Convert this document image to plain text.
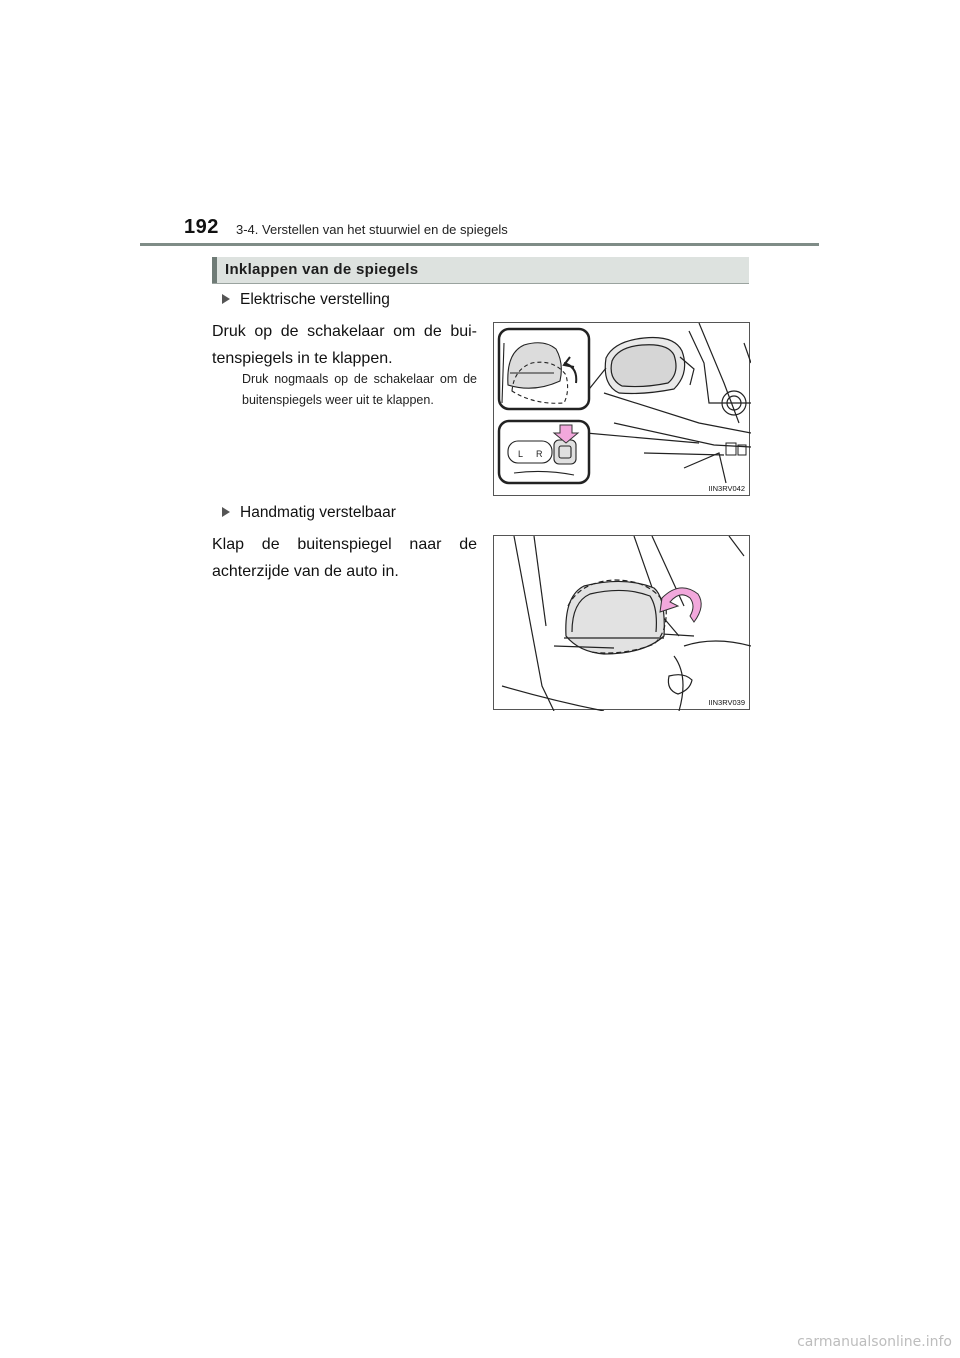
192 3-4. Verstellen van het stuurwiel en de spiegels
Inklappen van de spiegels
Elektrische verstelling
Druk op de schakelaar om de bui-tenspiegels in te klappen.
Druk nogmaals op de schakelaar om de buitenspiegels weer uit te klappen.
L R
IIN3RV042
Handmatig verstelbaar
Klap de buitenspiegel naar de achterzijde van de auto in.
IIN3RV039
carmanualsonline.info
